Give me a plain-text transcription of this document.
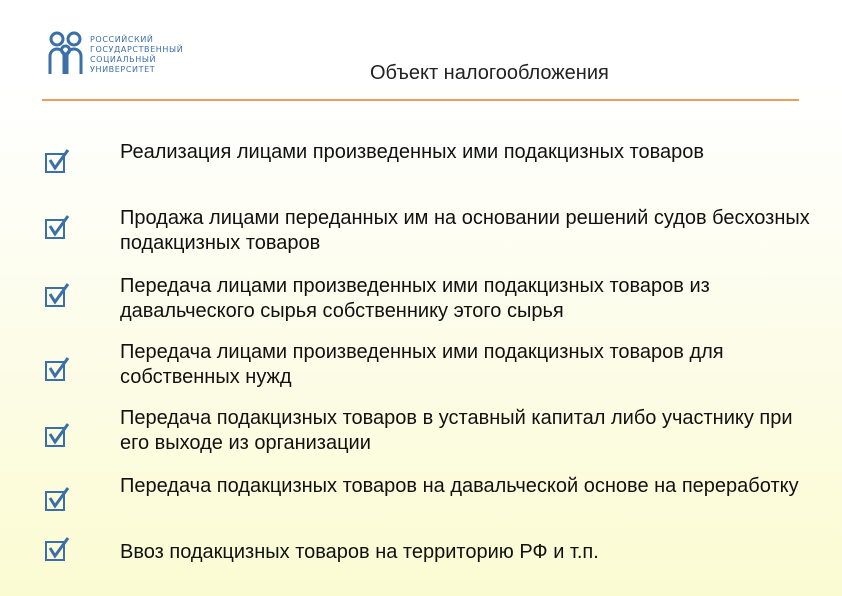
РОССИЙСКИЙ
ГОСУДАРСТВЕННЫЙ
СОЦИАЛЬНЫЙ
УНИВЕРСИТЕТ	Объект налогообложения
Реализация лицами произведенных ими подакцизных товаров
Продажа лицами переданных им на основании решений судов бесхозных подакцизных товаров
Передача лицами произведенных ими подакцизных товаров из давальческого сырья собственнику этого сырья
Передача лицами произведенных ими подакцизных товаров для собственных нужд
Передача подакцизных товаров в уставный капитал либо участнику при его выходе из организации
Передача подакцизных товаров на давальческой основе на переработку
Ввоз подакцизных товаров на территорию РФ и т.п.
